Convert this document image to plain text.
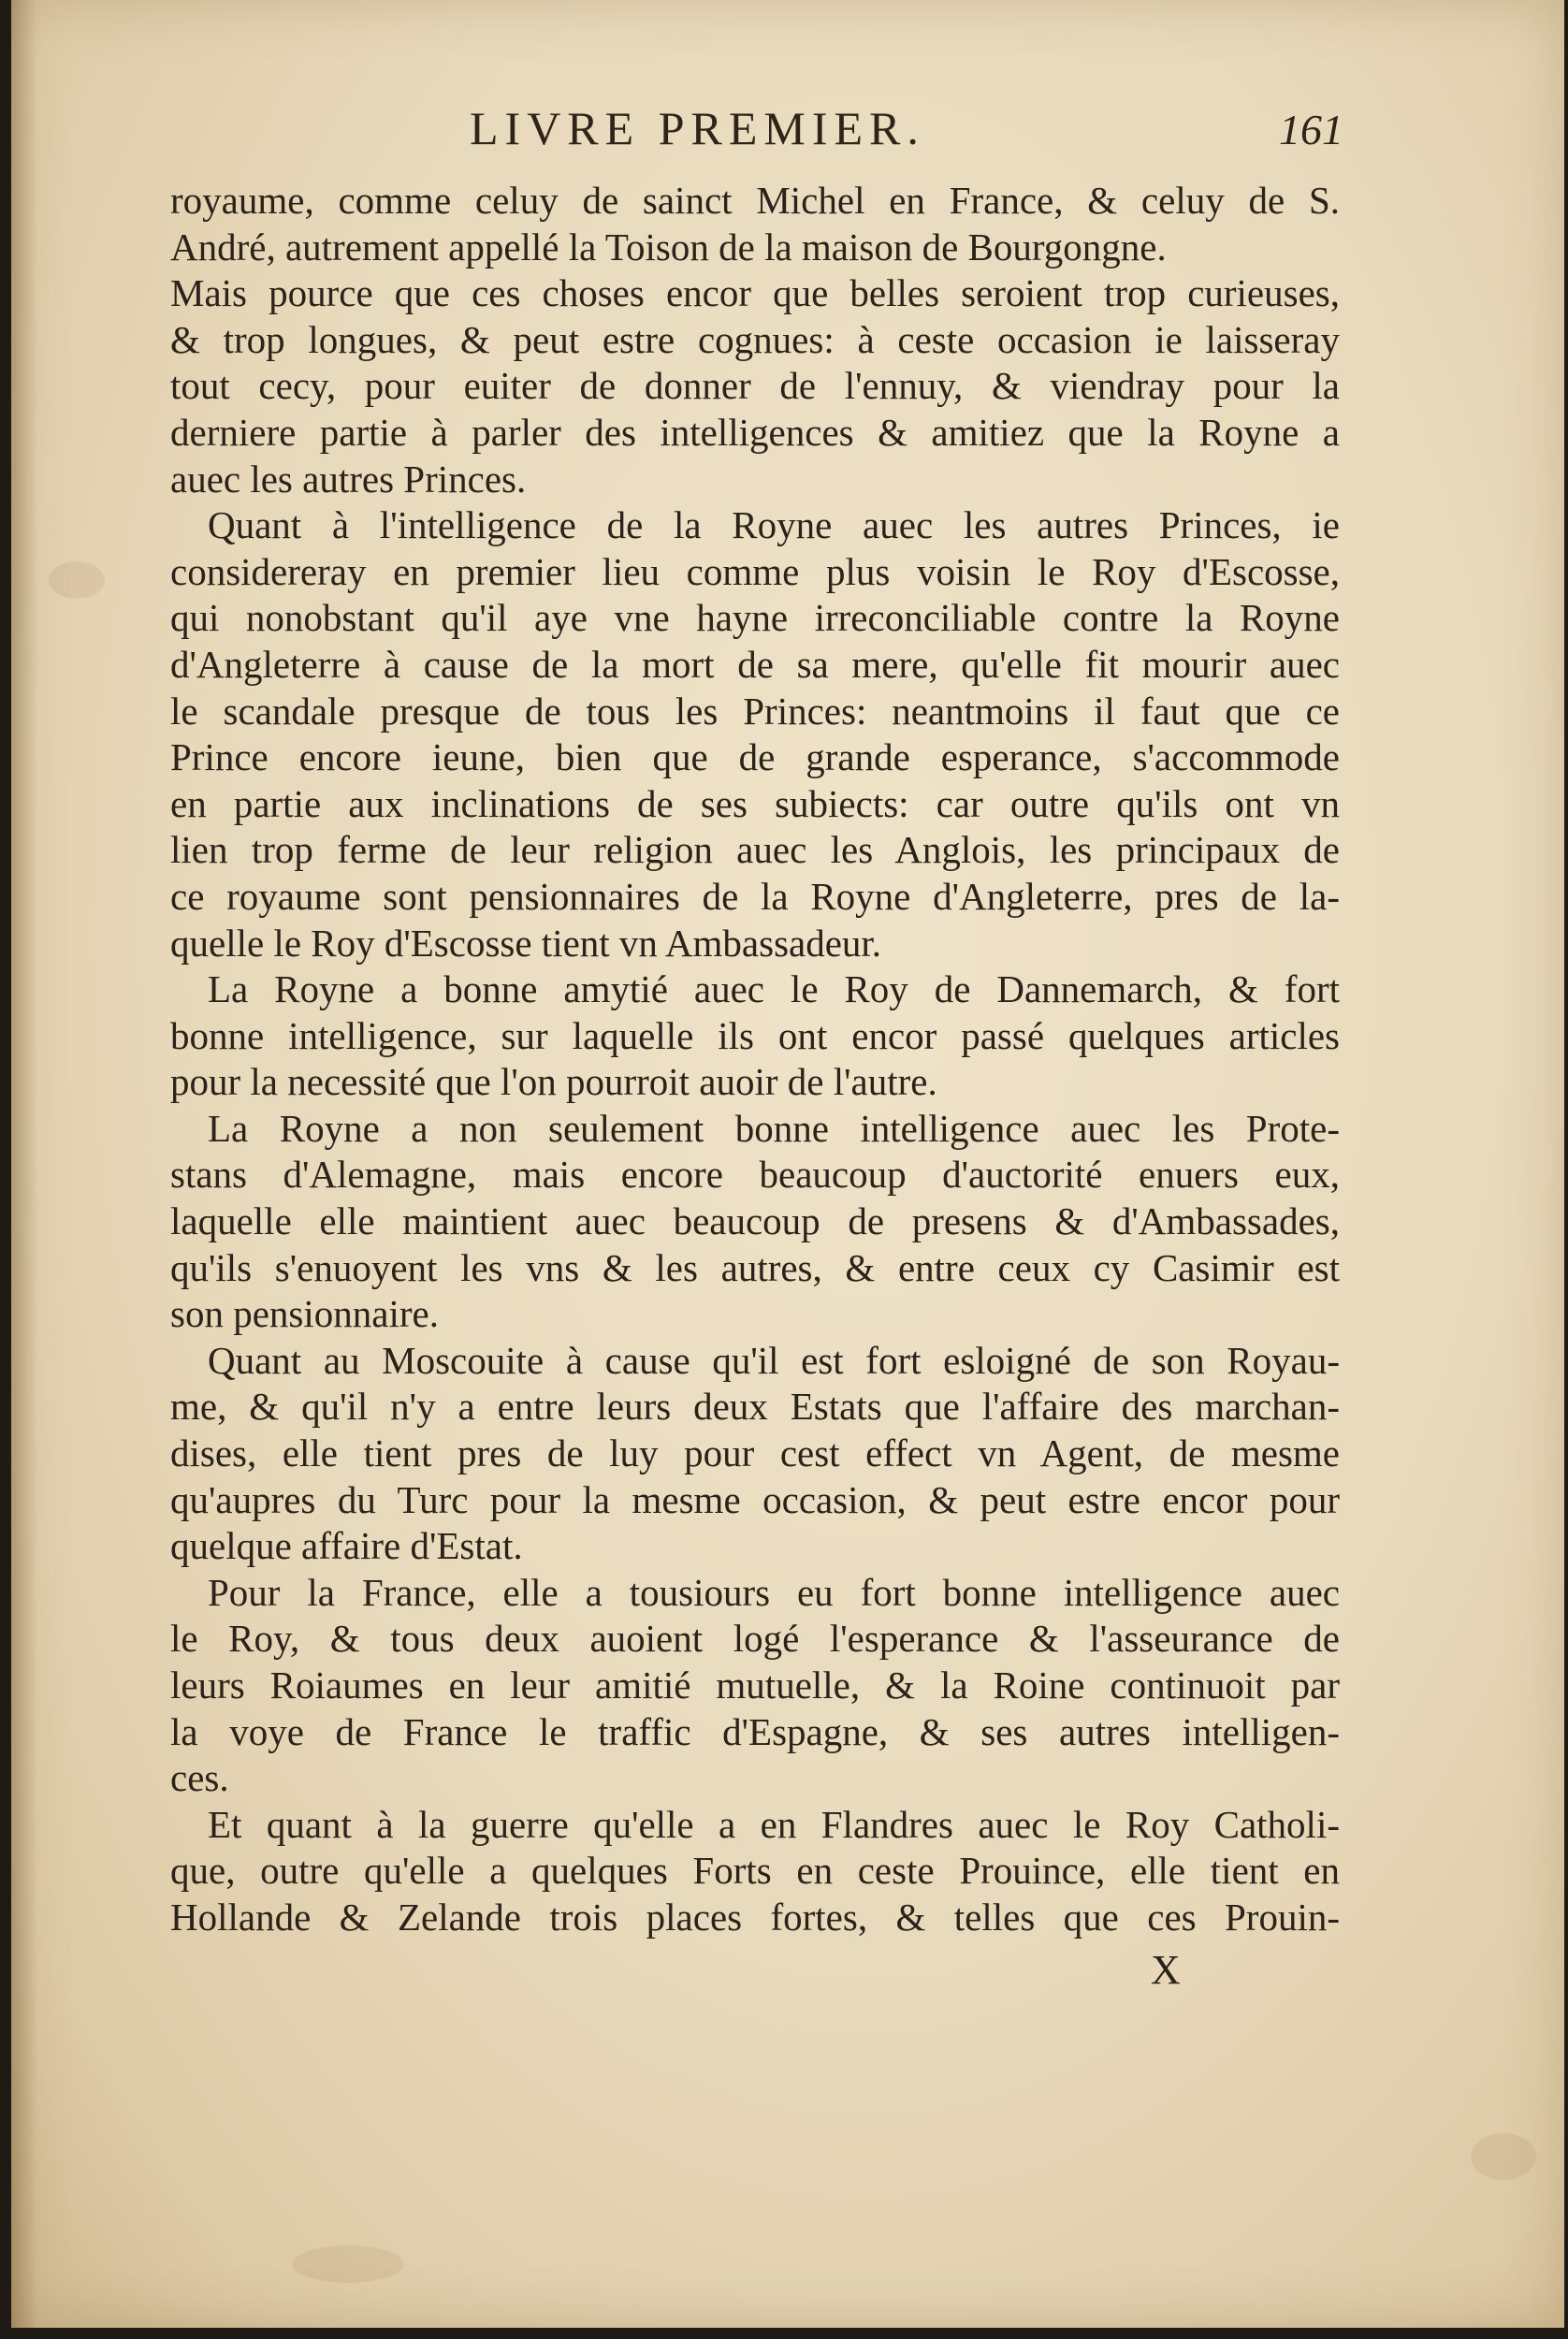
LIVRE PREMIER.	161
royaume, comme celuy de sainct Michel en France, & celuy de S.
André, autrement appellé la Toison de la maison de Bourgongne.
Mais pource que ces choses encor que belles seroient trop curieuses,
& trop longues, & peut estre cognues: à ceste occasion ie laisseray
tout cecy, pour euiter de donner de l'ennuy, & viendray pour la
derniere partie à parler des intelligences & amitiez que la Royne a
auec les autres Princes.
Quant à l'intelligence de la Royne auec les autres Princes, ie
considereray en premier lieu comme plus voisin le Roy d'Escosse,
qui nonobstant qu'il aye vne hayne irreconciliable contre la Royne
d'Angleterre à cause de la mort de sa mere, qu'elle fit mourir auec
le scandale presque de tous les Princes: neantmoins il faut que ce
Prince encore ieune, bien que de grande esperance, s'accommode
en partie aux inclinations de ses subiects: car outre qu'ils ont vn
lien trop ferme de leur religion auec les Anglois, les principaux de
ce royaume sont pensionnaires de la Royne d'Angleterre, pres de la-
quelle le Roy d'Escosse tient vn Ambassadeur.
La Royne a bonne amytié auec le Roy de Dannemarch, & fort
bonne intelligence, sur laquelle ils ont encor passé quelques articles
pour la necessité que l'on pourroit auoir de l'autre.
La Royne a non seulement bonne intelligence auec les Prote-
stans d'Alemagne, mais encore beaucoup d'auctorité enuers eux,
laquelle elle maintient auec beaucoup de presens & d'Ambassades,
qu'ils s'enuoyent les vns & les autres, & entre ceux cy Casimir est
son pensionnaire.
Quant au Moscouite à cause qu'il est fort esloigné de son Royau-
me, & qu'il n'y a entre leurs deux Estats que l'affaire des marchan-
dises, elle tient pres de luy pour cest effect vn Agent, de mesme
qu'aupres du Turc pour la mesme occasion, & peut estre encor pour
quelque affaire d'Estat.
Pour la France, elle a tousiours eu fort bonne intelligence auec
le Roy, & tous deux auoient logé l'esperance & l'asseurance de
leurs Roiaumes en leur amitié mutuelle, & la Roine continuoit par
la voye de France le traffic d'Espagne, & ses autres intelligen-
ces.
Et quant à la guerre qu'elle a en Flandres auec le Roy Catholi-
que, outre qu'elle a quelques Forts en ceste Prouince, elle tient en
Hollande & Zelande trois places fortes, & telles que ces Prouin-
X
